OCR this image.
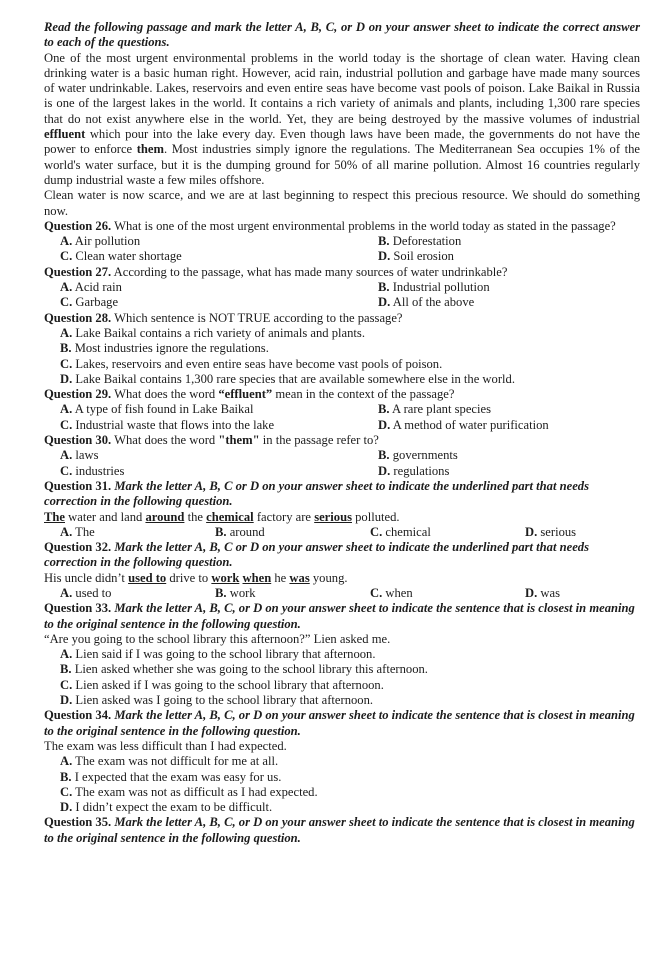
Read the following passage and mark the letter A, B, C, or D on your answer sheet to indicate the correct answer to each of the questions.

One of the most urgent environmental problems in the world today is the shortage of clean water. Having clean drinking water is a basic human right. However, acid rain, industrial pollution and garbage have made many sources of water undrinkable. Lakes, reservoirs and even entire seas have become vast pools of poison. Lake Baikal in Russia is one of the largest lakes in the world. It contains a rich variety of animals and plants, including 1,300 rare species that do not exist anywhere else in the world. Yet, they are being destroyed by the massive volumes of industrial effluent which pour into the lake every day. Even though laws have been made, the governments do not have the power to enforce them. Most industries simply ignore the regulations. The Mediterranean Sea occupies 1% of the world's water surface, but it is the dumping ground for 50% of all marine pollution. Almost 16 countries regularly dump industrial waste a few miles offshore.

Clean water is now scarce, and we are at last beginning to respect this precious resource. We should do something now.

Question 26. What is one of the most urgent environmental problems in the world today as stated in the passage?
A. Air pollution	B. Deforestation
C. Clean water shortage	D. Soil erosion
Question 27. According to the passage, what has made many sources of water undrinkable?
A. Acid rain	B. Industrial pollution
C. Garbage	D. All of the above
Question 28. Which sentence is NOT TRUE according to the passage?
A. Lake Baikal contains a rich variety of animals and plants.
B. Most industries ignore the regulations.
C. Lakes, reservoirs and even entire seas have become vast pools of poison.
D. Lake Baikal contains 1,300 rare species that are available somewhere else in the world.
Question 29. What does the word “effluent” mean in the context of the passage?
A. A type of fish found in Lake Baikal	B. A rare plant species
C. Industrial waste that flows into the lake	D. A method of water purification
Question 30. What does the word "them" in the passage refer to?
A. laws	B. governments
C. industries	D. regulations
Question 31. Mark the letter A, B, C or D on your answer sheet to indicate the underlined part that needs correction in the following question.
The water and land around the chemical factory are serious polluted.
A. The	B. around	C. chemical	D. serious
Question 32. Mark the letter A, B, C or D on your answer sheet to indicate the underlined part that needs correction in the following question.
His uncle didn’t used to drive to work when he was young.
A. used to	B. work	C. when	D. was
Question 33. Mark the letter A, B, C, or D on your answer sheet to indicate the sentence that is closest in meaning to the original sentence in the following question.
“Are you going to the school library this afternoon?” Lien asked me.
A. Lien said if I was going to the school library that afternoon.
B. Lien asked whether she was going to the school library this afternoon.
C. Lien asked if I was going to the school library that afternoon.
D. Lien asked was I going to the school library that afternoon.
Question 34. Mark the letter A, B, C, or D on your answer sheet to indicate the sentence that is closest in meaning to the original sentence in the following question.
The exam was less difficult than I had expected.
A. The exam was not difficult for me at all.
B. I expected that the exam was easy for us.
C. The exam was not as difficult as I had expected.
D. I didn’t expect the exam to be difficult.
Question 35. Mark the letter A, B, C, or D on your answer sheet to indicate the sentence that is closest in meaning to the original sentence in the following question.
